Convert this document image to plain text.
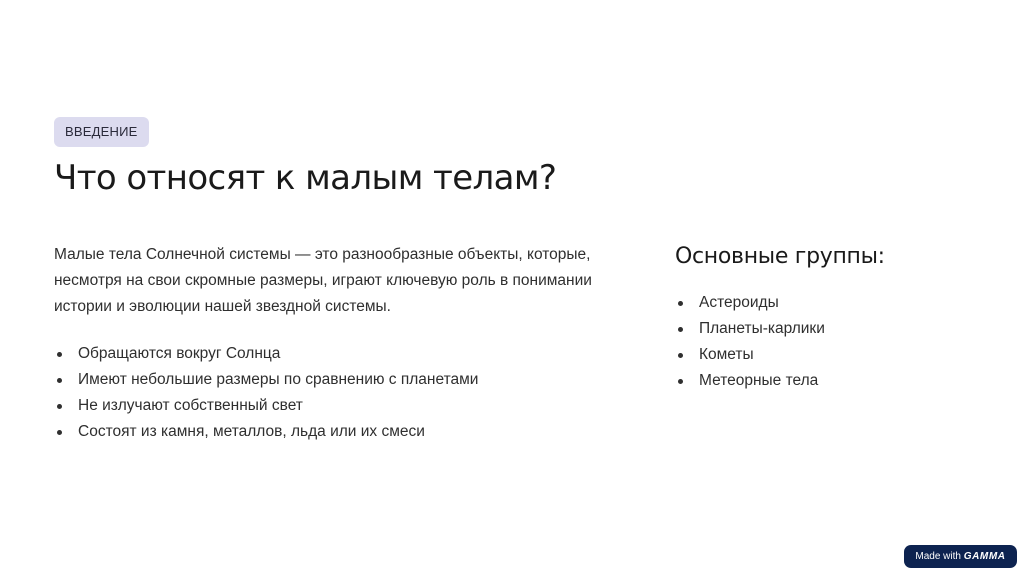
ВВЕДЕНИЕ
Что относят к малым телам?

Малые тела Солнечной системы — это разнообразные объекты, которые, несмотря на свои скромные размеры, играют ключевую роль в понимании истории и эволюции нашей звездной системы.

Обращаются вокруг Солнца
Имеют небольшие размеры по сравнению с планетами
Не излучают собственный свет
Состоят из камня, металлов, льда или их смеси
Основные группы:
Астероиды
Планеты-карлики
Кометы
Метеорные тела
Made with GAMMA
